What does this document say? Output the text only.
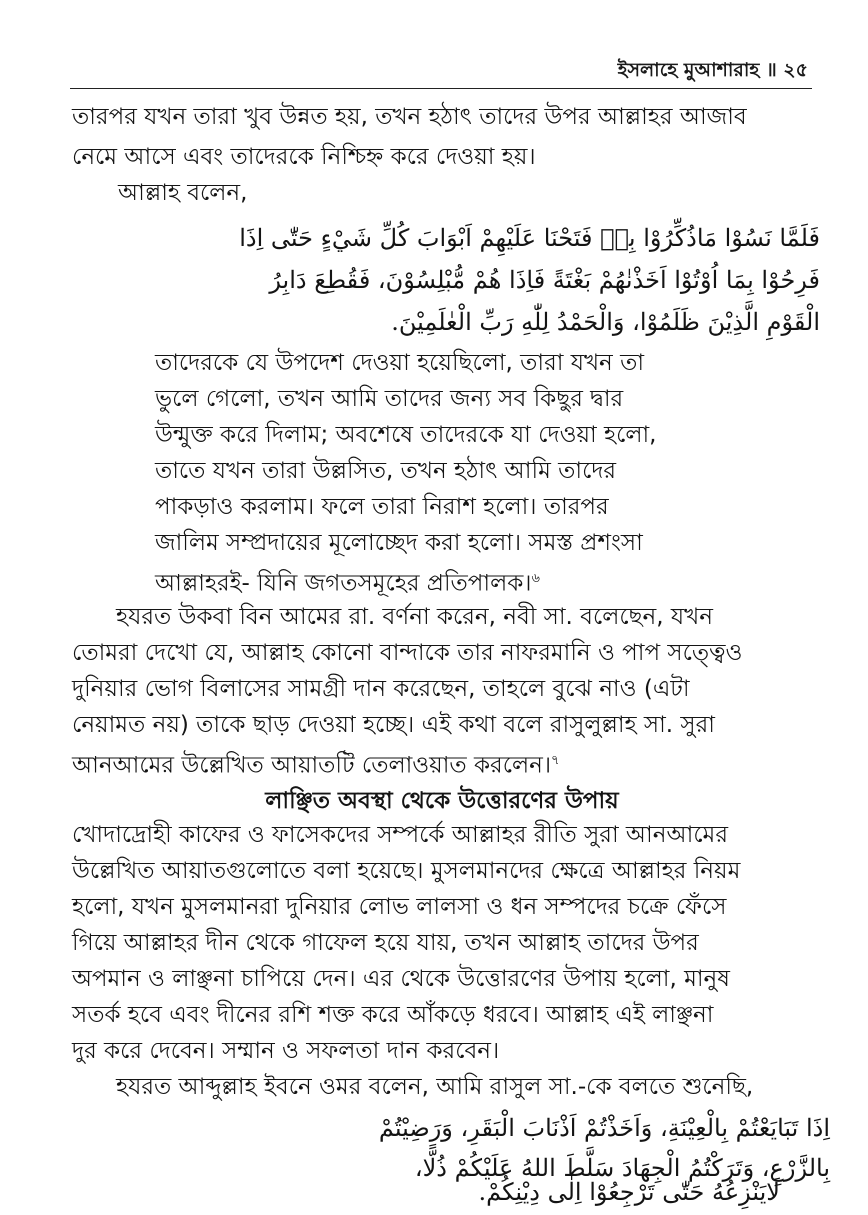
ইসলাহে মুআশারাহ ॥ ২৫
তারপর যখন তারা খুব উন্নত হয়, তখন হঠাৎ তাদের উপর আল্লাহর আজাব
নেমে আসে এবং তাদেরকে নিশ্চিহ্ন করে দেওয়া হয়।
আল্লাহ বলেন,
فَلَمَّا نَسُوْا مَاذُكِّرُوْا بِهٖ فَتَحْنَا عَلَيْهِمْ اَبْوَابَ كُلِّ شَيْءٍ حَتّٰى اِذَا
فَرِحُوْا بِمَا اُوْتُوْا اَخَذْنٰهُمْ بَغْتَةً فَاِذَا هُمْ مُّبْلِسُوْنَ، فَقُطِعَ دَابِرُ
الْقَوْمِ الَّذِيْنَ ظَلَمُوْا، وَالْحَمْدُ لِلّٰهِ رَبِّ الْعٰلَمِيْنَ.
তাদেরকে যে উপদেশ দেওয়া হয়েছিলো, তারা যখন তা
ভুলে গেলো, তখন আমি তাদের জন্য সব কিছুর দ্বার
উন্মুক্ত করে দিলাম; অবশেষে তাদেরকে যা দেওয়া হলো,
তাতে যখন তারা উল্লসিত, তখন হঠাৎ আমি তাদের
পাকড়াও করলাম। ফলে তারা নিরাশ হলো। তারপর
জালিম সম্প্রদায়ের মূলোচ্ছেদ করা হলো। সমস্ত প্রশংসা
আল্লাহরই- যিনি জগতসমূহের প্রতিপালক।$^৬$
হযরত উকবা বিন আমের রা. বর্ণনা করেন, নবী সা. বলেছেন, যখন
তোমরা দেখো যে, আল্লাহ কোনো বান্দাকে তার নাফরমানি ও পাপ সত্ত্বেও
দুনিয়ার ভোগ বিলাসের সামগ্রী দান করেছেন, তাহলে বুঝে নাও (এটা
নেয়ামত নয়) তাকে ছাড় দেওয়া হচ্ছে। এই কথা বলে রাসুলুল্লাহ সা. সুরা
আনআমের উল্লেখিত আয়াতটি তেলাওয়াত করলেন।$^৭$
লাঞ্ছিত অবস্থা থেকে উত্তোরণের উপায়
খোদাদ্রোহী কাফের ও ফাসেকদের সম্পর্কে আল্লাহর রীতি সুরা আনআমের
উল্লেখিত আয়াতগুলোতে বলা হয়েছে। মুসলমানদের ক্ষেত্রে আল্লাহর নিয়ম
হলো, যখন মুসলমানরা দুনিয়ার লোভ লালসা ও ধন সম্পদের চক্রে ফেঁসে
গিয়ে আল্লাহর দীন থেকে গাফেল হয়ে যায়, তখন আল্লাহ তাদের উপর
অপমান ও লাঞ্ছনা চাপিয়ে দেন। এর থেকে উত্তোরণের উপায় হলো, মানুষ
সতর্ক হবে এবং দীনের রশি শক্ত করে আঁকড়ে ধরবে। আল্লাহ এই লাঞ্ছনা
দুর করে দেবেন। সম্মান ও সফলতা দান করবেন।
হযরত আব্দুল্লাহ ইবনে ওমর বলেন, আমি রাসুল সা.-কে বলতে শুনেছি,
اِذَا تَبَايَعْتُمْ بِالْعِيْنَةِ، وَاَخَذْتُمْ اَذْنَابَ الْبَقَرِ، وَرَضِيْتُمْ
بِالزَّرْعِ، وَتَرَكْتُمُ الْجِهَادَ سَلَّطَ اللهُ عَلَيْكُمْ ذُلًّا،
لَايَنْزِعُهُ حَتّٰى تَرْجِعُوْا اِلٰى دِيْنِكُمْ.
